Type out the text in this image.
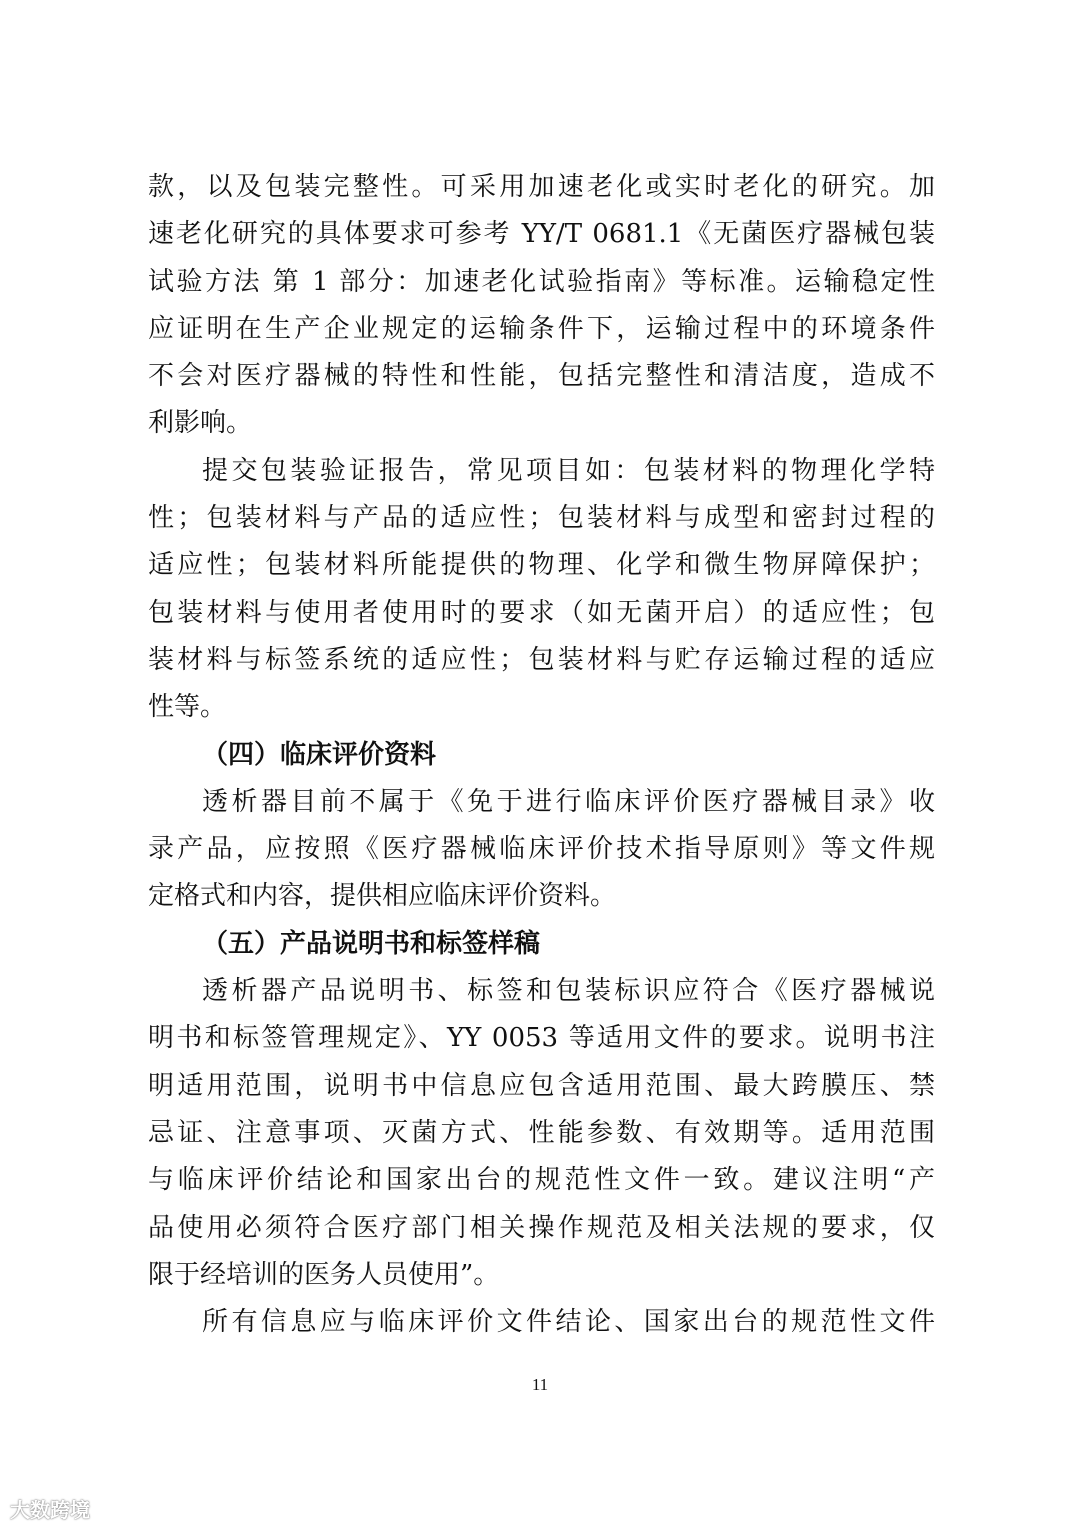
款，以及包装完整性。可采用加速老化或实时老化的研究。加
速老化研究的具体要求可参考 YY/T 0681.1《无菌医疗器械包装
试验方法 第 1 部分：加速老化试验指南》等标准。运输稳定性
应证明在生产企业规定的运输条件下，运输过程中的环境条件
不会对医疗器械的特性和性能，包括完整性和清洁度，造成不
利影响。
提交包装验证报告，常见项目如：包装材料的物理化学特
性；包装材料与产品的适应性；包装材料与成型和密封过程的
适应性；包装材料所能提供的物理、化学和微生物屏障保护；
包装材料与使用者使用时的要求（如无菌开启）的适应性；包
装材料与标签系统的适应性；包装材料与贮存运输过程的适应
性等。
（四）临床评价资料
透析器目前不属于《免于进行临床评价医疗器械目录》收
录产品，应按照《医疗器械临床评价技术指导原则》等文件规
定格式和内容，提供相应临床评价资料。
（五）产品说明书和标签样稿
透析器产品说明书、标签和包装标识应符合《医疗器械说
明书和标签管理规定》、YY 0053 等适用文件的要求。说明书注
明适用范围，说明书中信息应包含适用范围、最大跨膜压、禁
忌证、注意事项、灭菌方式、性能参数、有效期等。适用范围
与临床评价结论和国家出台的规范性文件一致。建议注明“产
品使用必须符合医疗部门相关操作规范及相关法规的要求，仅
限于经培训的医务人员使用”。
所有信息应与临床评价文件结论、国家出台的规范性文件
11
大数跨境
